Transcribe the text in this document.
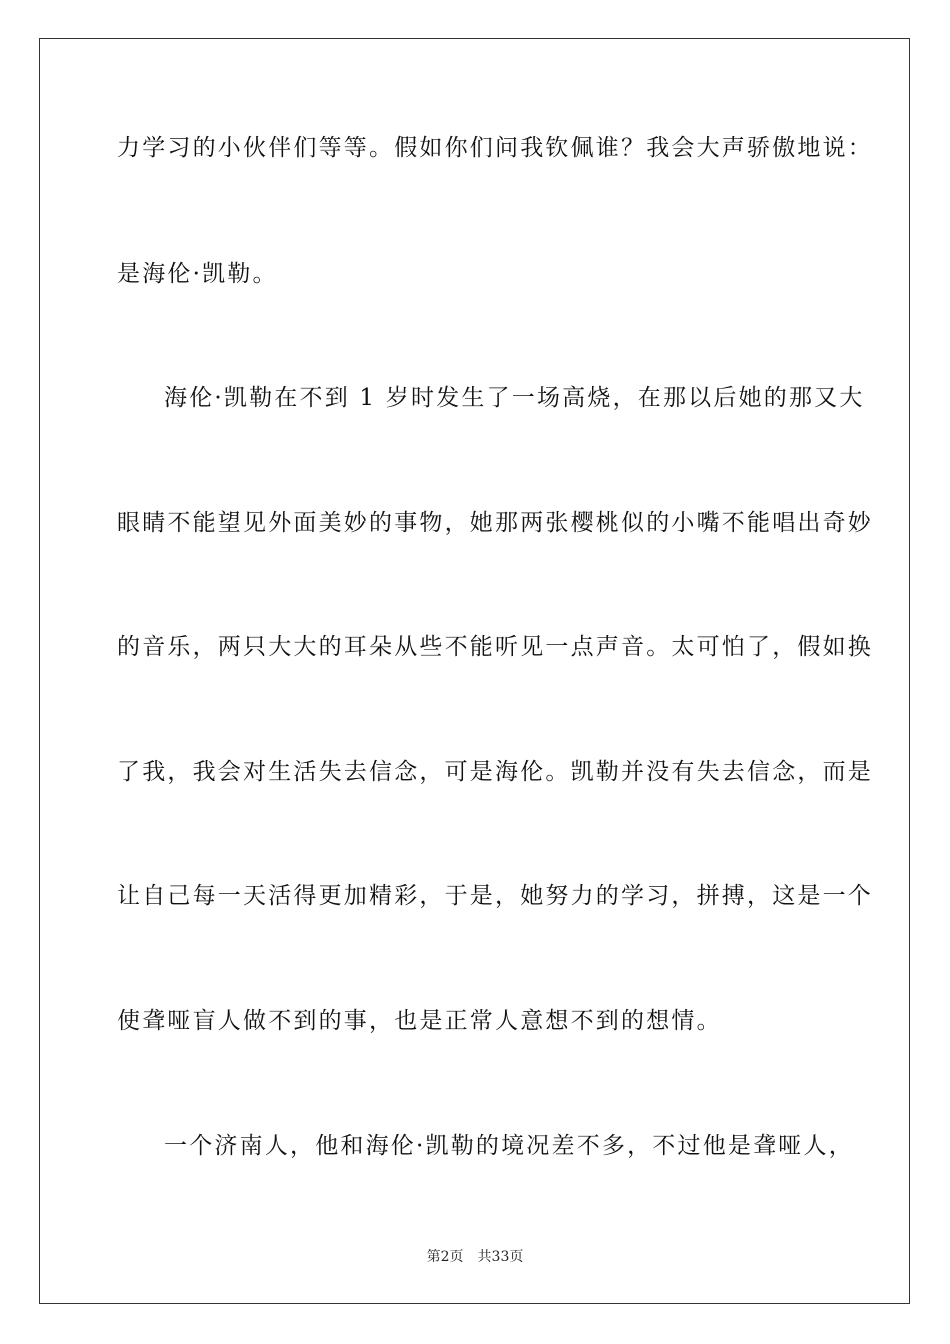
力学习的小伙伴们等等。假如你们问我钦佩谁？我会大声骄傲地说：
是海伦·凯勒。
海伦·凯勒在不到 1 岁时发生了一场高烧，在那以后她的那又大
眼睛不能望见外面美妙的事物，她那两张樱桃似的小嘴不能唱出奇妙
的音乐，两只大大的耳朵从些不能听见一点声音。太可怕了，假如换
了我，我会对生活失去信念，可是海伦。凯勒并没有失去信念，而是
让自己每一天活得更加精彩，于是，她努力的学习，拼搏，这是一个
使聋哑盲人做不到的事，也是正常人意想不到的想情。
一个济南人，他和海伦·凯勒的境况差不多，不过他是聋哑人，
第2页 共33页
